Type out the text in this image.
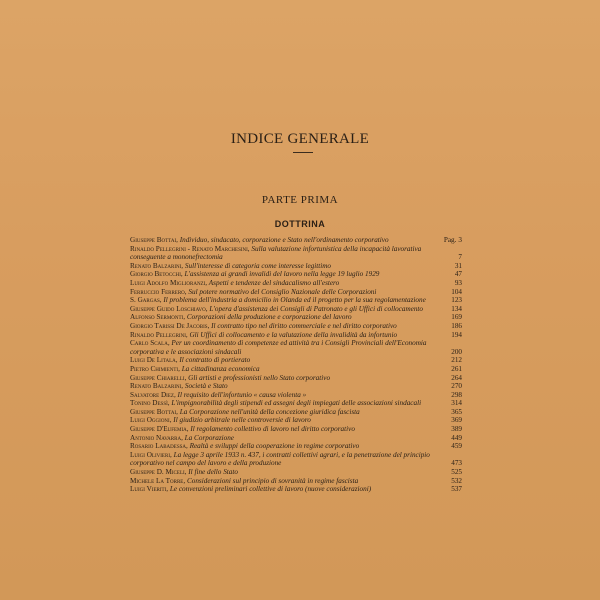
INDICE GENERALE
PARTE PRIMA
DOTTRINA
Giuseppe Bottai, Individuo, sindacato, corporazione e Stato nell'ordinamento corporativo	Pag. 3
Rinaldo Pellegrini - Renato Marchesini, Sulla valutazione infortunistica della incapacità lavorativa conseguente a mononefrectomia	7
Renato Balzarini, Sull'interesse di categoria come interesse legittimo	31
Giorgio Betocchi, L'assistenza ai grandi invalidi del lavoro nella legge 19 luglio 1929	47
Luigi Adolfo Miglioranzi, Aspetti e tendenze del sindacalismo all'estero	93
Ferruccio Ferrero, Sul potere normativo del Consiglio Nazionale delle Corporazioni	104
S. Gargas, Il problema dell'industria a domicilio in Olanda ed il progetto per la sua regolamentazione	123
Giuseppe Guido Loschiavo, L'opera d'assistenza dei Consigli di Patronato e gli Uffici di collocamento	134
Alfonso Sermonti, Corporazioni della produzione e corporazione del lavoro	169
Giorgio Tarissi De Jacobis, Il contratto tipo nel diritto commerciale e nel diritto corporativo	186
Rinaldo Pellegrini, Gli Uffici di collocamento e la valutazione della invalidità da infortunio	194
Carlo Scala, Per un coordinamento di competenze ed attività tra i Consigli Provinciali dell'Economia corporativa e le associazioni sindacali	200
Luigi De Litala, Il contratto di portierato	212
Pietro Chimienti, La cittadinanza economica	261
Giuseppe Chiarelli, Gli artisti e professionisti nello Stato corporativo	264
Renato Balzarini, Società e Stato	270
Salvatore Diez, Il requisito dell'infortunio « causa violenta »	298
Tonino Dessì, L'impignorabilità degli stipendi ed assegni degli impiegati delle associazioni sindacali	314
Giuseppe Bottai, La Corporazione nell'unità della concezione giuridica fascista	365
Luigi Oggioni, Il giudizio arbitrale nelle controversie di lavoro	369
Giuseppe D'Eufemia, Il regolamento collettivo di lavoro nel diritto corporativo	389
Antonio Navarra, La Corporazione	449
Rosario Labadessa, Realtà e sviluppi della cooperazione in regime corporativo	459
Luigi Olivieri, La legge 3 aprile 1933 n. 437, i contratti collettivi agrari, e la penetrazione del principio corporativo nel campo del lavoro e della produzione	473
Giuseppe D. Miceli, Il fine dello Stato	525
Michele La Torre, Considerazioni sul principio di sovranità in regime fascista	532
Luigi Vieriti, Le convenzioni preliminari collettive di lavoro (nuove considerazioni)	537
